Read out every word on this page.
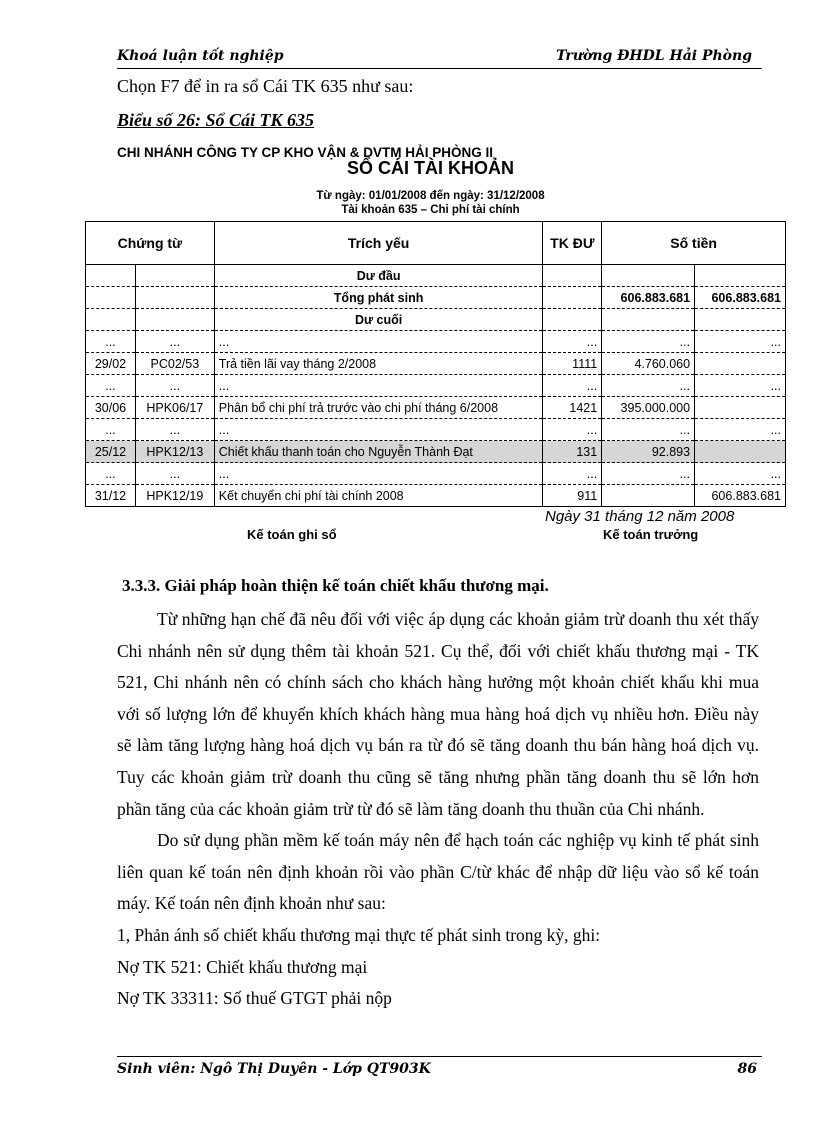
Khoá luận tốt nghiệp	Trường ĐHDL Hải Phòng
Chọn F7 để in ra sổ Cái TK 635 như sau:
Biểu số 26: Sổ Cái TK 635
CHI NHÁNH CÔNG TY CP KHO VẬN & DVTM HẢI PHÒNG II
SỔ CÁI TÀI KHOẢN
Từ ngày: 01/01/2008 đến ngày: 31/12/2008
Tài khoản 635 – Chi phí tài chính
Chứng từ		Trích yếu	TK ĐƯ	Số tiền	
		Dư đầu			
		Tổng phát sinh		606.883.681	606.883.681
		Dư cuối			
...	...	...	...	...	...
29/02	PC02/53	Trả tiền lãi vay tháng 2/2008	1111	4.760.060	
...	...	...	...	...	...
30/06	HPK06/17	Phân bổ chi phí trả trước vào chi phí tháng 6/2008	1421	395.000.000	
...	...	...	...	...	...
25/12	HPK12/13	Chiết khấu thanh toán cho Nguyễn Thành Đạt	131	92.893	
...	...	...	...	...	...
31/12	HPK12/19	Kết chuyển chi phí tài chính 2008	911		606.883.681
Ngày 31 tháng 12 năm 2008
Kế toán ghi sổ	Kế toán trưởng
3.3.3. Giải pháp hoàn thiện kế toán chiết khấu thương mại.

Từ những hạn chế đã nêu đối với việc áp dụng các khoản giảm trừ doanh thu xét thấy Chi nhánh nên sử dụng thêm tài khoản 521. Cụ thể, đối với chiết khấu thương mại - TK 521, Chi nhánh nên có chính sách cho khách hàng hưởng một khoản chiết khấu khi mua với số lượng lớn để khuyến khích khách hàng mua hàng hoá dịch vụ nhiều hơn. Điều này sẽ làm tăng lượng hàng hoá dịch vụ bán ra từ đó sẽ tăng doanh thu bán hàng hoá dịch vụ. Tuy các khoản giảm trừ doanh thu cũng sẽ tăng nhưng phần tăng doanh thu sẽ lớn hơn phần tăng của các khoản giảm trừ từ đó sẽ làm tăng doanh thu thuần của Chi nhánh.

Do sử dụng phần mềm kế toán máy nên để hạch toán các nghiệp vụ kinh tế phát sinh liên quan kế toán nên định khoản rồi vào phần C/từ khác để nhập dữ liệu vào sổ kế toán máy. Kế toán nên định khoản như sau:

1, Phản ánh số chiết khấu thương mại thực tế phát sinh trong kỳ, ghi:

Nợ TK 521: Chiết khấu thương mại

Nợ TK 33311: Số thuế GTGT phải nộp

Sinh viên: Ngô Thị Duyên - Lớp QT903K	86
